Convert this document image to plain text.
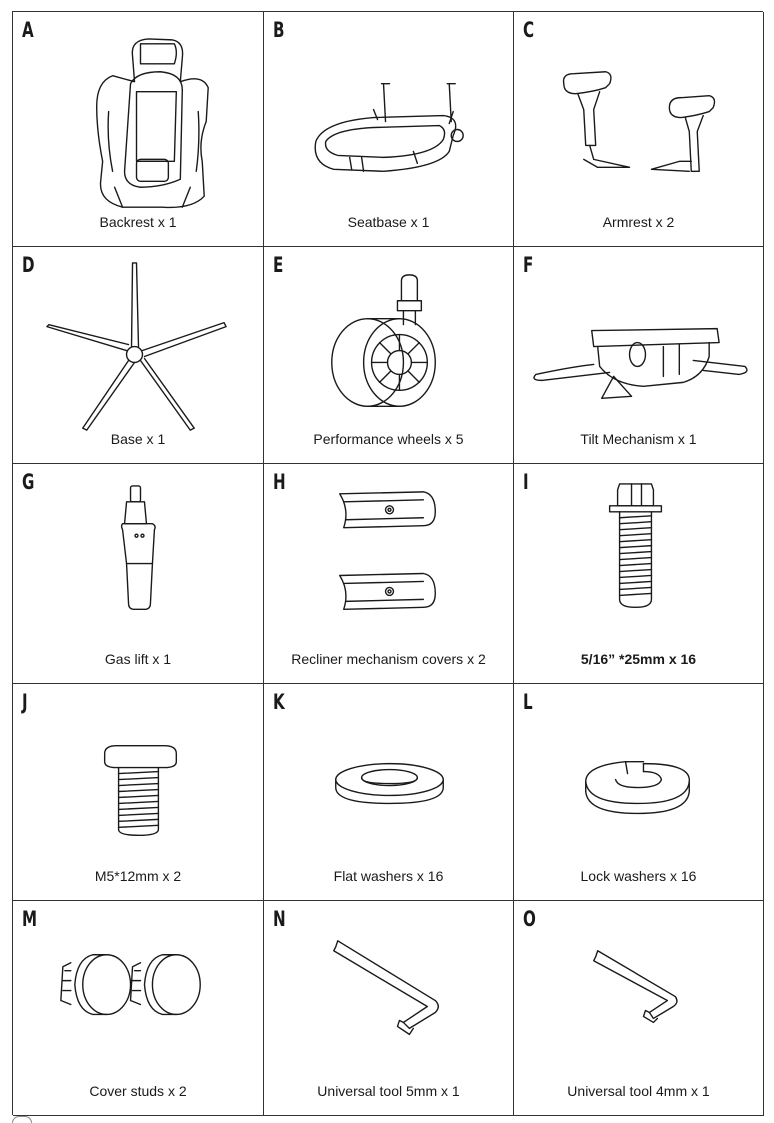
A
Backrest x 1
B
Seatbase x 1
C
Armrest x 2
D
Base x 1
E
Performance wheels x 5
F
Tilt Mechanism x 1
G
Gas lift x 1
H
Recliner mechanism covers x 2
I
5/16” *25mm x 16
J
M5*12mm x 2
K
Flat washers x 16
L
Lock washers x 16
M
Cover studs x 2
N
Universal tool 5mm x 1
O
Universal tool 4mm x 1
